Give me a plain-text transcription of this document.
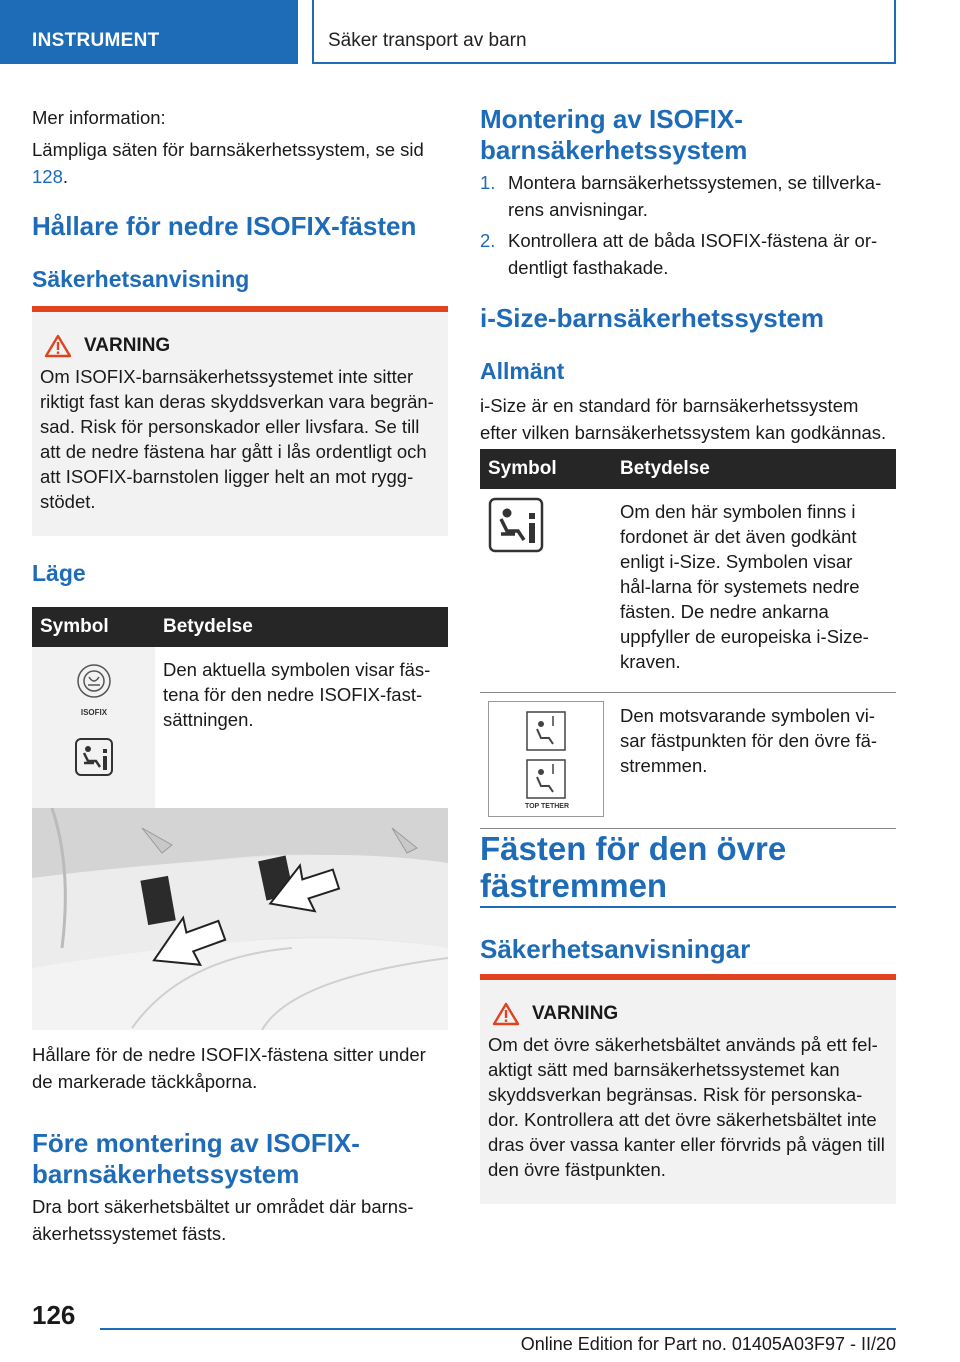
INSTRUMENT	Säker transport av barn

Mer information:

Lämpliga säten för barnsäkerhetssystem, se sid 128.

Hållare för nedre ISOFIX-fästen
Säkerhetsanvisning
VARNING

Om ISOFIX-barnsäkerhetssystemet inte sitter riktigt fast kan deras skyddsverkan vara begrän-sad. Risk för personskador eller livsfara. Se till att de nedre fästena har gått i lås ordentligt och att ISOFIX-barnstolen ligger helt an mot rygg-stödet.

Läge
Symbol	Betydelse

ISOFIX	Den aktuella symbolen visar fäs-tena för den nedre ISOFIX-fast-sättningen.

Hållare för de nedre ISOFIX-fästena sitter under de markerade täckkåporna.

Före montering av ISOFIX-barnsäkerhetssystem

Dra bort säkerhetsbältet ur området där barns-äkerhetssystemet fästs.

Montering av ISOFIX-barnsäkerhetssystem
1. Montera barnsäkerhetssystemen, se tillverka-rens anvisningar.
2. Kontrollera att de båda ISOFIX-fästena är or-dentligt fasthakade.
i-Size-barnsäkerhetssystem
Allmänt

i-Size är en standard för barnsäkerhetssystem efter vilken barnsäkerhetssystem kan godkännas.

Symbol	Betydelse
	Om den här symbolen finns i fordonet är det även godkänt enligt i-Size. Symbolen visar hål-larna för systemets nedre fästen. De nedre ankarna uppfyller de europeiska i-Size-kraven.

TOP TETHER	Den motsvarande symbolen vi-sar fästpunkten för den övre fä-stremmen.
Fästen för den övre fästremmen
Säkerhetsanvisningar
VARNING

Om det övre säkerhetsbältet används på ett fel-aktigt sätt med barnsäkerhetssystemet kan skyddsverkan begränsas. Risk för personska-dor. Kontrollera att det övre säkerhetsbältet inte dras över vassa kanter eller förvrids på vägen till den övre fästpunkten.

126
Online Edition for Part no. 01405A03F97 - II/20
